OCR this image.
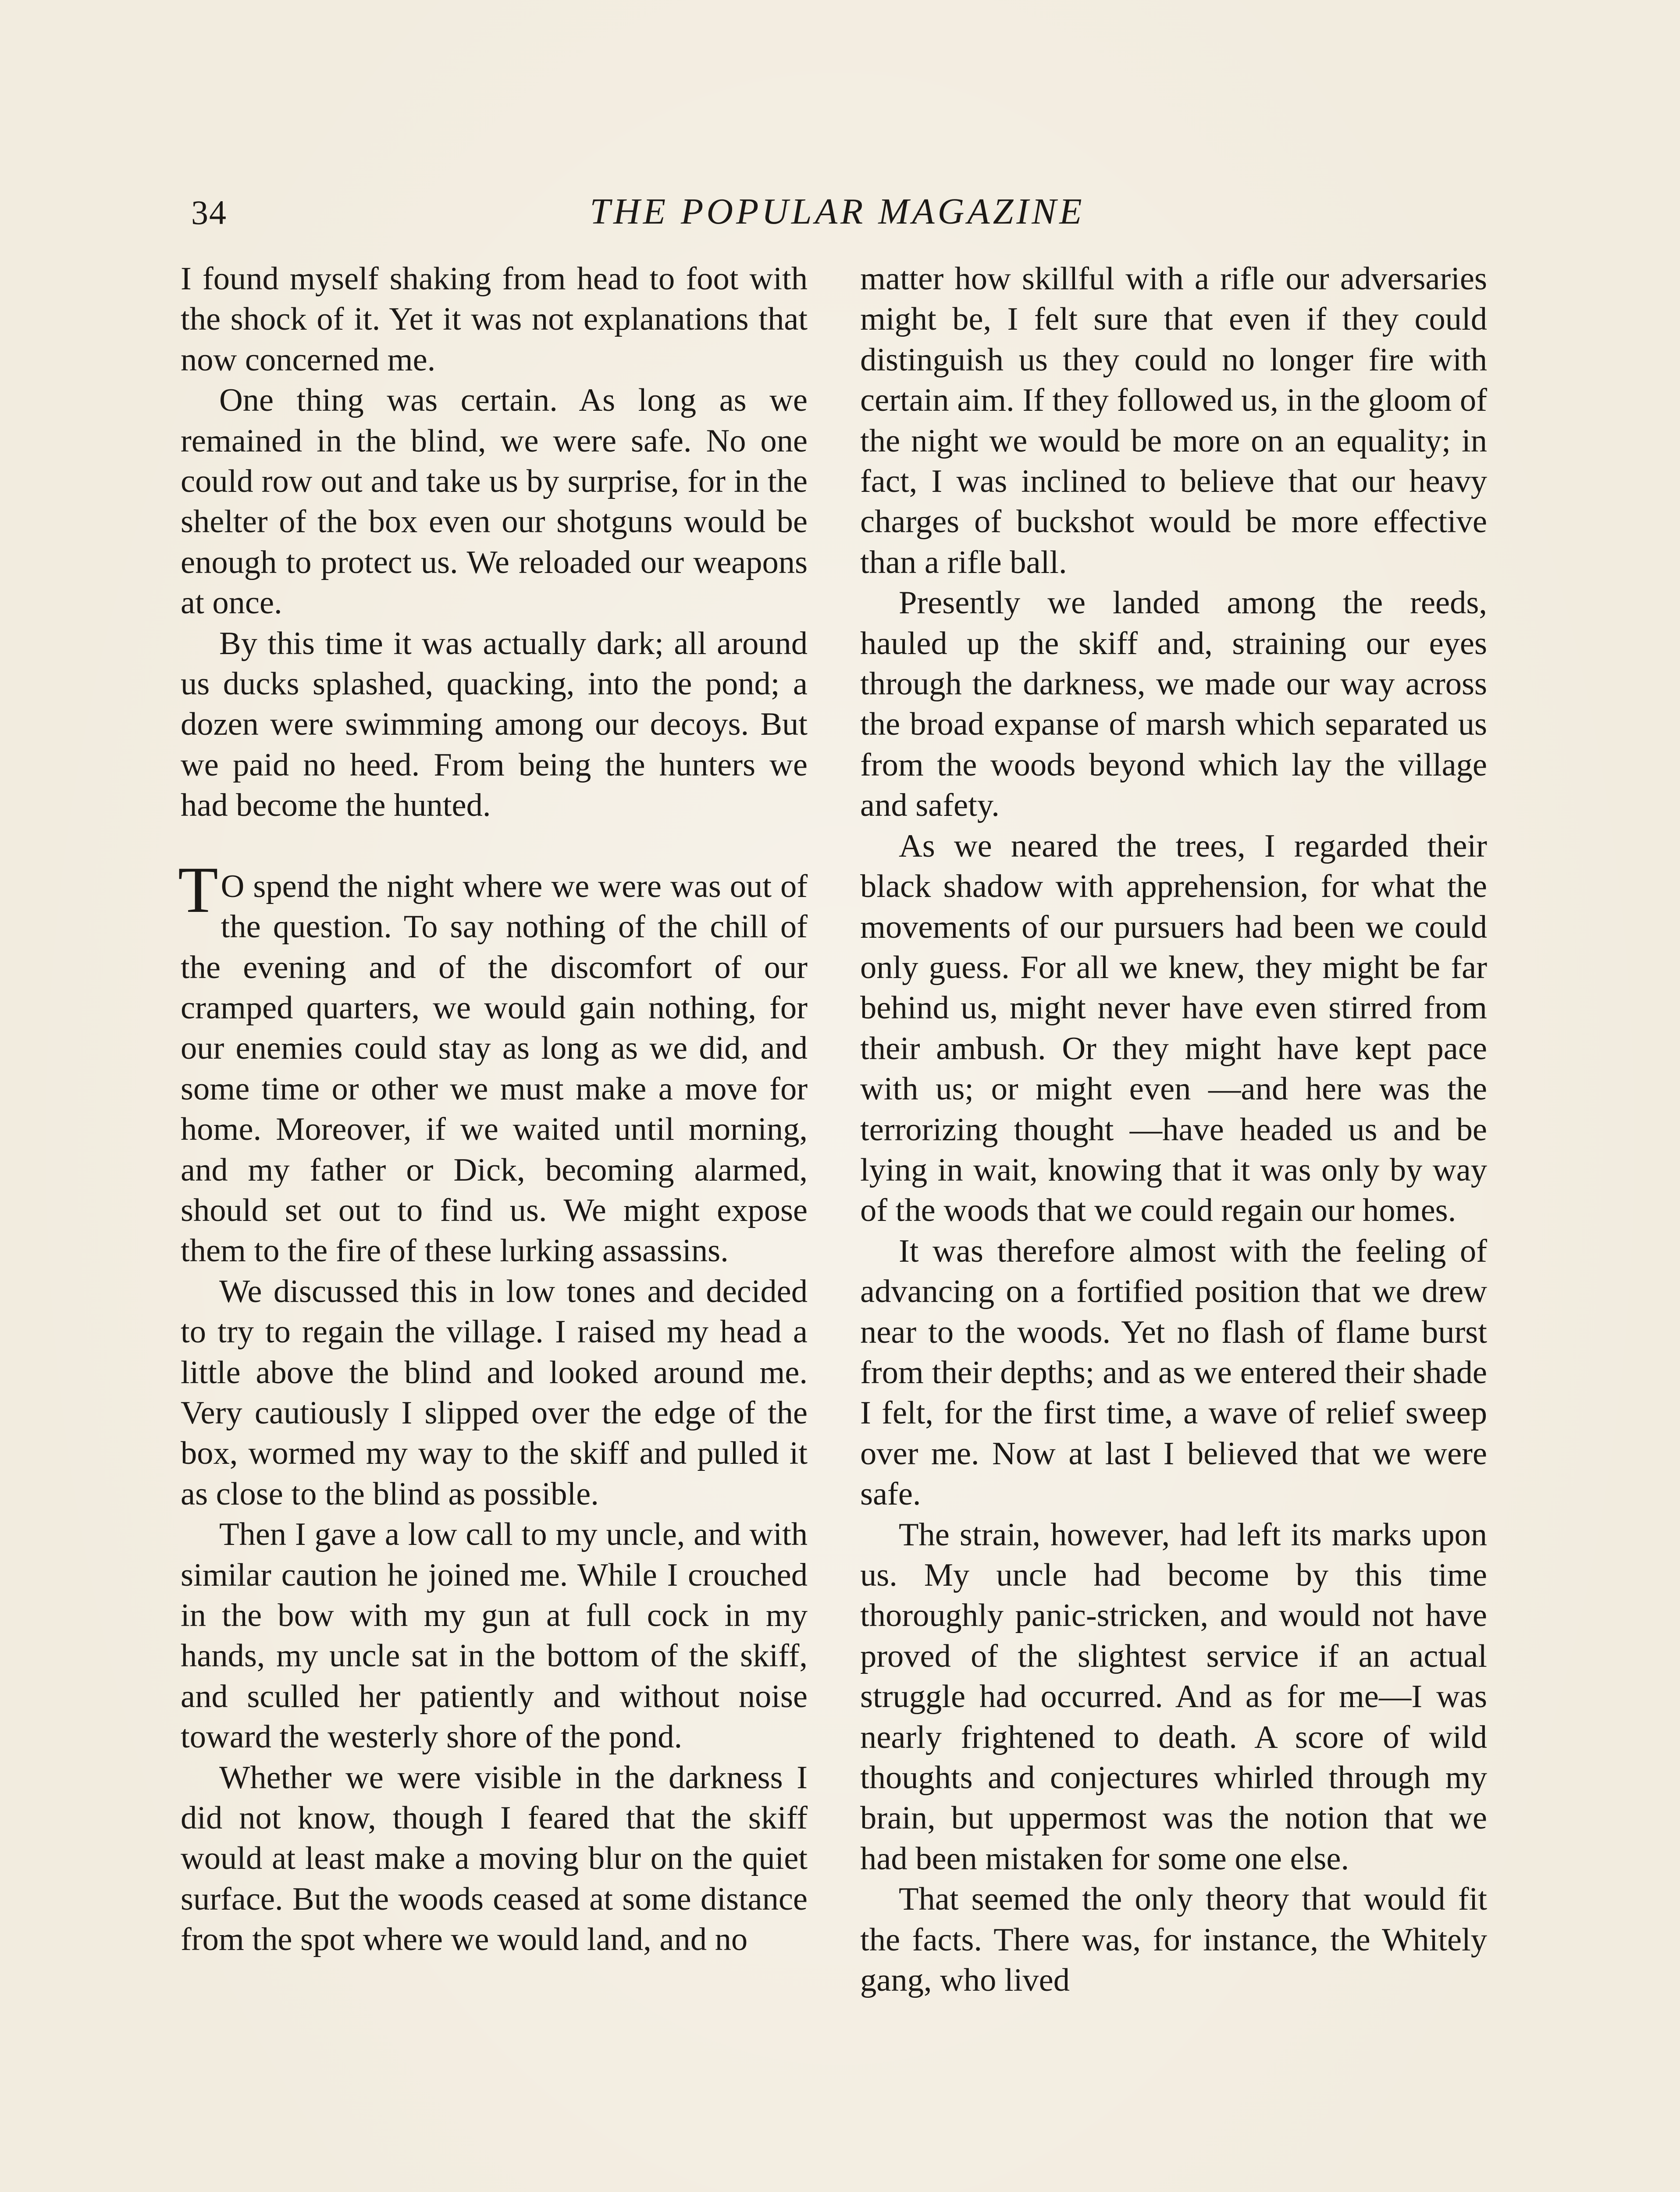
34	THE POPULAR MAGAZINE

I found myself shaking from head to foot with the shock of it. Yet it was not explanations that now concerned me.

One thing was certain. As long as we remained in the blind, we were safe. No one could row out and take us by surprise, for in the shelter of the box even our shotguns would be enough to protect us. We reloaded our weapons at once.

By this time it was actually dark; all around us ducks splashed, quacking, into the pond; a dozen were swimming among our decoys. But we paid no heed. From being the hunters we had become the hunted.

T O spend the night where we were was out of the question. To say nothing of the chill of the evening and of the discomfort of our cramped quarters, we would gain nothing, for our enemies could stay as long as we did, and some time or other we must make a move for home. Moreover, if we waited until morning, and my father or Dick, becoming alarmed, should set out to find us. We might expose them to the fire of these lurking assassins.

We discussed this in low tones and decided to try to regain the village. I raised my head a little above the blind and looked around me. Very cautiously I slipped over the edge of the box, wormed my way to the skiff and pulled it as close to the blind as possible.

Then I gave a low call to my uncle, and with similar caution he joined me. While I crouched in the bow with my gun at full cock in my hands, my uncle sat in the bottom of the skiff, and sculled her patiently and without noise toward the westerly shore of the pond.

Whether we were visible in the darkness I did not know, though I feared that the skiff would at least make a moving blur on the quiet surface. But the woods ceased at some distance from the spot where we would land, and no

matter how skillful with a rifle our adversaries might be, I felt sure that even if they could distinguish us they could no longer fire with certain aim. If they followed us, in the gloom of the night we would be more on an equality; in fact, I was inclined to believe that our heavy charges of buckshot would be more effective than a rifle ball.

Presently we landed among the reeds, hauled up the skiff and, straining our eyes through the darkness, we made our way across the broad expanse of marsh which separated us from the woods beyond which lay the village and safety.

As we neared the trees, I regarded their black shadow with apprehension, for what the movements of our pursuers had been we could only guess. For all we knew, they might be far behind us, might never have even stirred from their ambush. Or they might have kept pace with us; or might even —and here was the terrorizing thought —have headed us and be lying in wait, knowing that it was only by way of the woods that we could regain our homes.

It was therefore almost with the feeling of advancing on a fortified position that we drew near to the woods. Yet no flash of flame burst from their depths; and as we entered their shade I felt, for the first time, a wave of relief sweep over me. Now at last I believed that we were safe.

The strain, however, had left its marks upon us. My uncle had become by this time thoroughly panic-stricken, and would not have proved of the slightest service if an actual struggle had occurred. And as for me—I was nearly frightened to death. A score of wild thoughts and conjectures whirled through my brain, but uppermost was the notion that we had been mistaken for some one else.

That seemed the only theory that would fit the facts. There was, for instance, the Whitely gang, who lived
